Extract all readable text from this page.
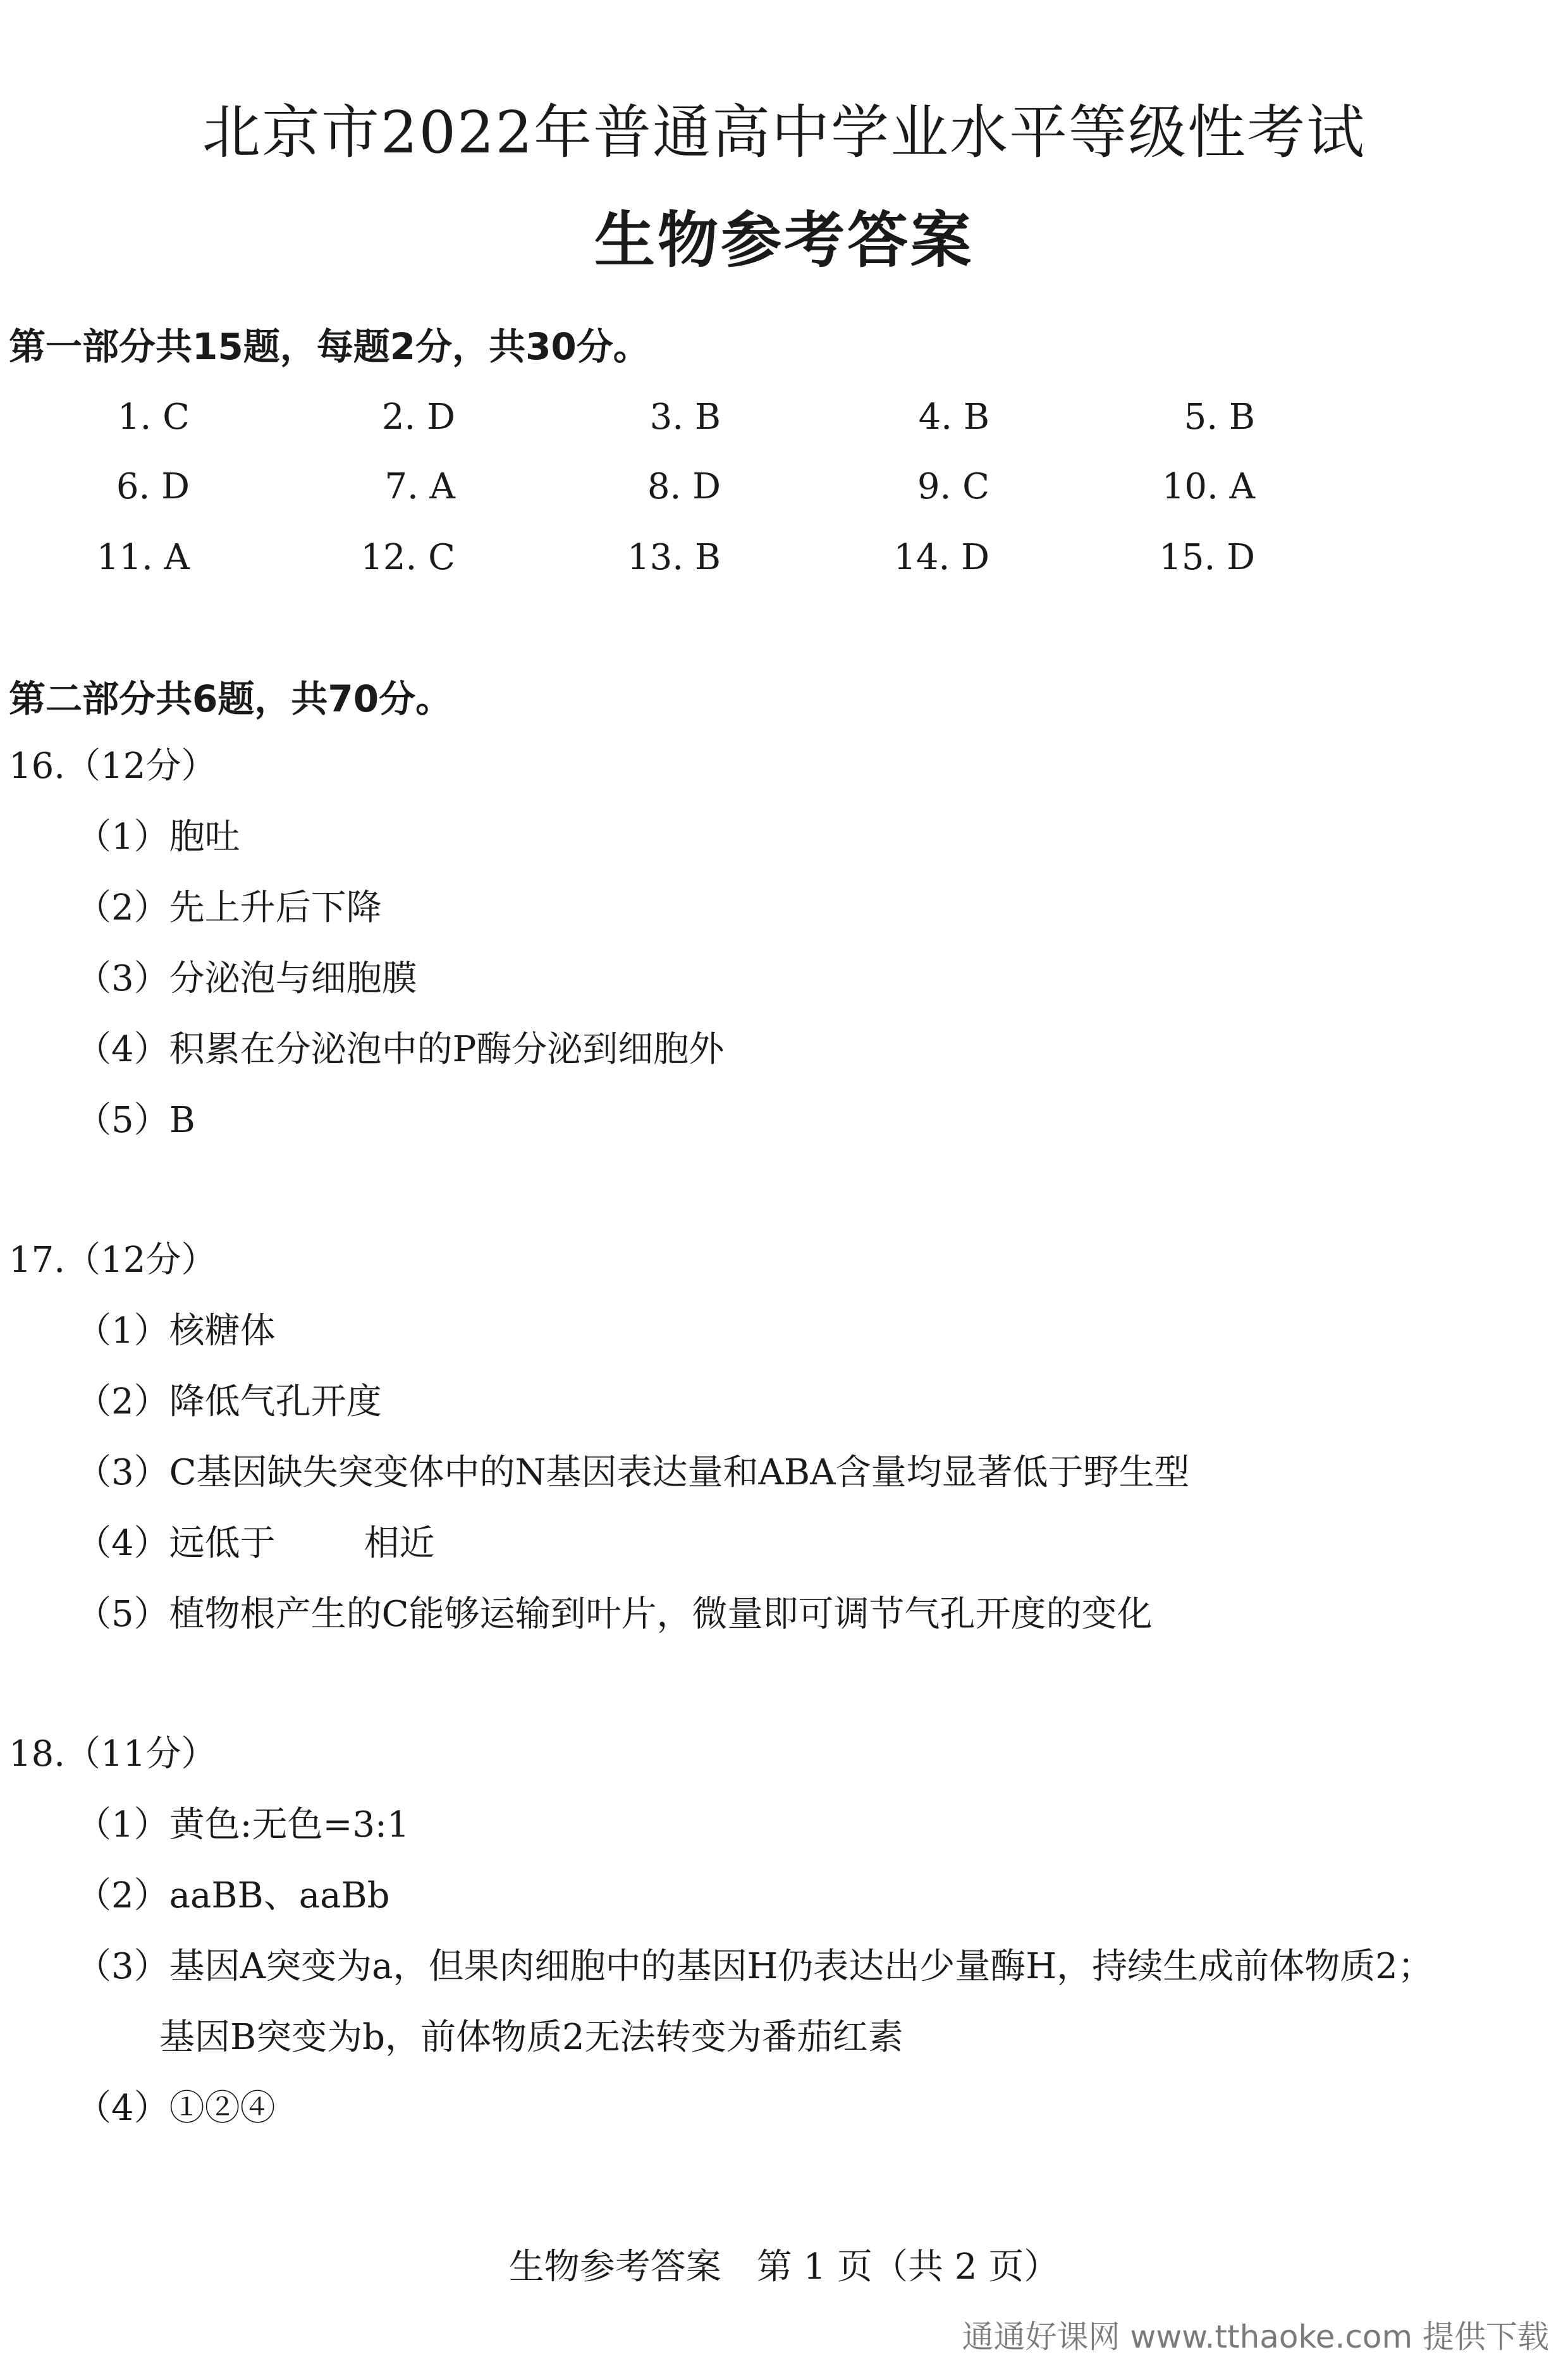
北京市2022年普通高中学业水平等级性考试
生物参考答案
第一部分共15题，每题2分，共30分。
1. C	2. D	3. B	4. B	5. B
6. D	7. A	8. D	9. C	10. A
11. A	12. C	13. B	14. D	15. D
第二部分共6题，共70分。
16.（12分）
（1）胞吐
（2）先上升后下降
（3）分泌泡与细胞膜
（4）积累在分泌泡中的P酶分泌到细胞外
（5）B
17.（12分）
（1）核糖体
（2）降低气孔开度
（3）C基因缺失突变体中的N基因表达量和ABA含量均显著低于野生型
（4）远低于	相近
（5）植物根产生的C能够运输到叶片，微量即可调节气孔开度的变化
18.（11分）
（1）黄色:无色=3:1
（2）aaBB、aaBb
（3）基因A突变为a，但果肉细胞中的基因H仍表达出少量酶H，持续生成前体物质2；
基因B突变为b，前体物质2无法转变为番茄红素
（4）①②④
生物参考答案　第 1 页（共 2 页）
通通好课网 www.tthaoke.com 提供下载
